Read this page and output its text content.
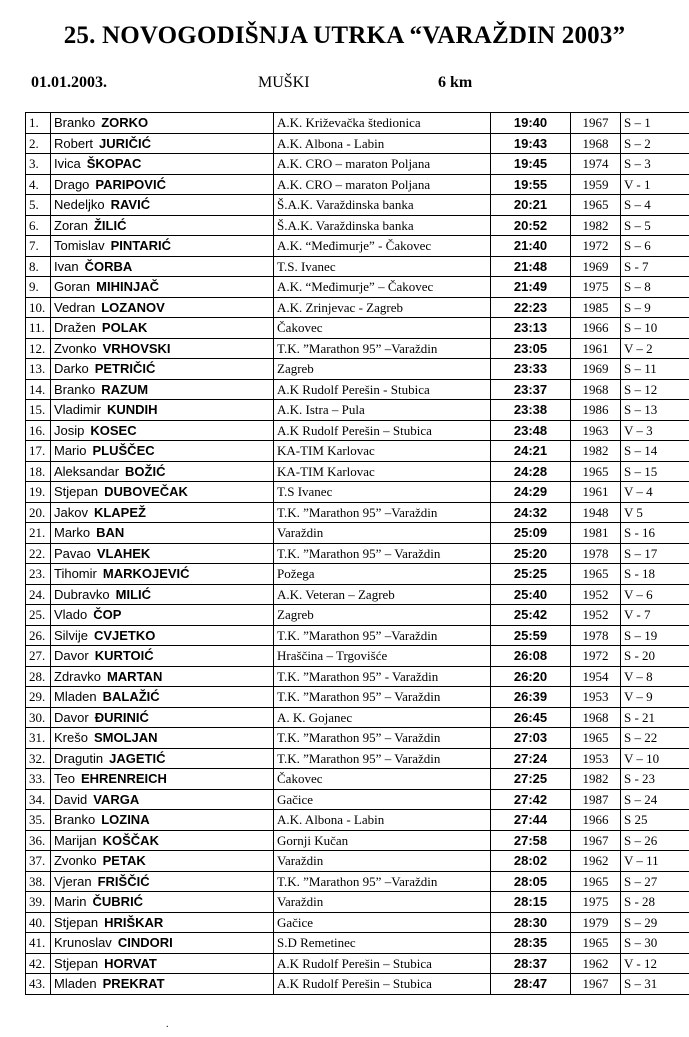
25. NOVOGODIŠNJA UTRKA “VARAŽDIN 2003”
01.01.2003.	MUŠKI	6 km
1.	Branko ZORKO	A.K. Križevačka štedionica	19:40	1967	S – 1
2.	Robert JURIČIĆ	A.K. Albona - Labin	19:43	1968	S – 2
3.	Ivica ŠKOPAC	A.K. CRO – maraton Poljana	19:45	1974	S – 3
4.	Drago PARIPOVIĆ	A.K. CRO – maraton Poljana	19:55	1959	V - 1
5.	Nedeljko RAVIĆ	Š.A.K. Varaždinska banka	20:21	1965	S – 4
6.	Zoran ŽILIĆ	Š.A.K. Varaždinska banka	20:52	1982	S – 5
7.	Tomislav PINTARIĆ	A.K. “Međimurje” - Čakovec	21:40	1972	S – 6
8.	Ivan ČORBA	T.S. Ivanec	21:48	1969	S - 7
9.	Goran MIHINJAČ	A.K. “Međimurje” – Čakovec	21:49	1975	S – 8
10.	Vedran LOZANOV	A.K. Zrinjevac - Zagreb	22:23	1985	S – 9
11.	Dražen POLAK	Čakovec	23:13	1966	S – 10
12.	Zvonko VRHOVSKI	T.K. ”Marathon 95” –Varaždin	23:05	1961	V – 2
13.	Darko PETRIČIĆ	Zagreb	23:33	1969	S – 11
14.	Branko RAZUM	A.K Rudolf Perešin - Stubica	23:37	1968	S – 12
15.	Vladimir KUNDIH	A.K. Istra – Pula	23:38	1986	S – 13
16.	Josip KOSEC	A.K Rudolf Perešin – Stubica	23:48	1963	V – 3
17.	Mario PLUŠČEC	KA-TIM Karlovac	24:21	1982	S – 14
18.	Aleksandar BOŽIĆ	KA-TIM Karlovac	24:28	1965	S – 15
19.	Stjepan DUBOVEČAK	T.S Ivanec	24:29	1961	V – 4
20.	Jakov KLAPEŽ	T.K. ”Marathon 95” –Varaždin	24:32	1948	V 5
21.	Marko BAN	Varaždin	25:09	1981	S - 16
22.	Pavao VLAHEK	T.K. ”Marathon 95” – Varaždin	25:20	1978	S – 17
23.	Tihomir MARKOJEVIĆ	Požega	25:25	1965	S - 18
24.	Dubravko MILIĆ	A.K. Veteran – Zagreb	25:40	1952	V – 6
25.	Vlado ČOP	Zagreb	25:42	1952	V - 7
26.	Silvije CVJETKO	T.K. ”Marathon 95” –Varaždin	25:59	1978	S – 19
27.	Davor KURTOIĆ	Hraščina – Trgovišće	26:08	1972	S - 20
28.	Zdravko MARTAN	T.K. ”Marathon 95” - Varaždin	26:20	1954	V – 8
29.	Mladen BALAŽIĆ	T.K. ”Marathon 95” – Varaždin	26:39	1953	V – 9
30.	Davor ĐURINIĆ	A. K. Gojanec	26:45	1968	S - 21
31.	Krešo SMOLJAN	T.K. ”Marathon 95” – Varaždin	27:03	1965	S – 22
32.	Dragutin JAGETIĆ	T.K. ”Marathon 95” – Varaždin	27:24	1953	V – 10
33.	Teo EHRENREICH	Čakovec	27:25	1982	S - 23
34.	David VARGA	Gačice	27:42	1987	S – 24
35.	Branko LOZINA	A.K. Albona - Labin	27:44	1966	S 25
36.	Marijan KOŠČAK	Gornji Kučan	27:58	1967	S – 26
37.	Zvonko PETAK	Varaždin	28:02	1962	V – 11
38.	Vjeran FRIŠČIĆ	T.K. ”Marathon 95” –Varaždin	28:05	1965	S – 27
39.	Marin ČUBRIĆ	Varaždin	28:15	1975	S - 28
40.	Stjepan HRIŠKAR	Gačice	28:30	1979	S – 29
41.	Krunoslav CINDORI	S.D Remetinec	28:35	1965	S – 30
42.	Stjepan HORVAT	A.K Rudolf Perešin – Stubica	28:37	1962	V - 12
43.	Mladen PREKRAT	A.K Rudolf Perešin – Stubica	28:47	1967	S – 31
.
